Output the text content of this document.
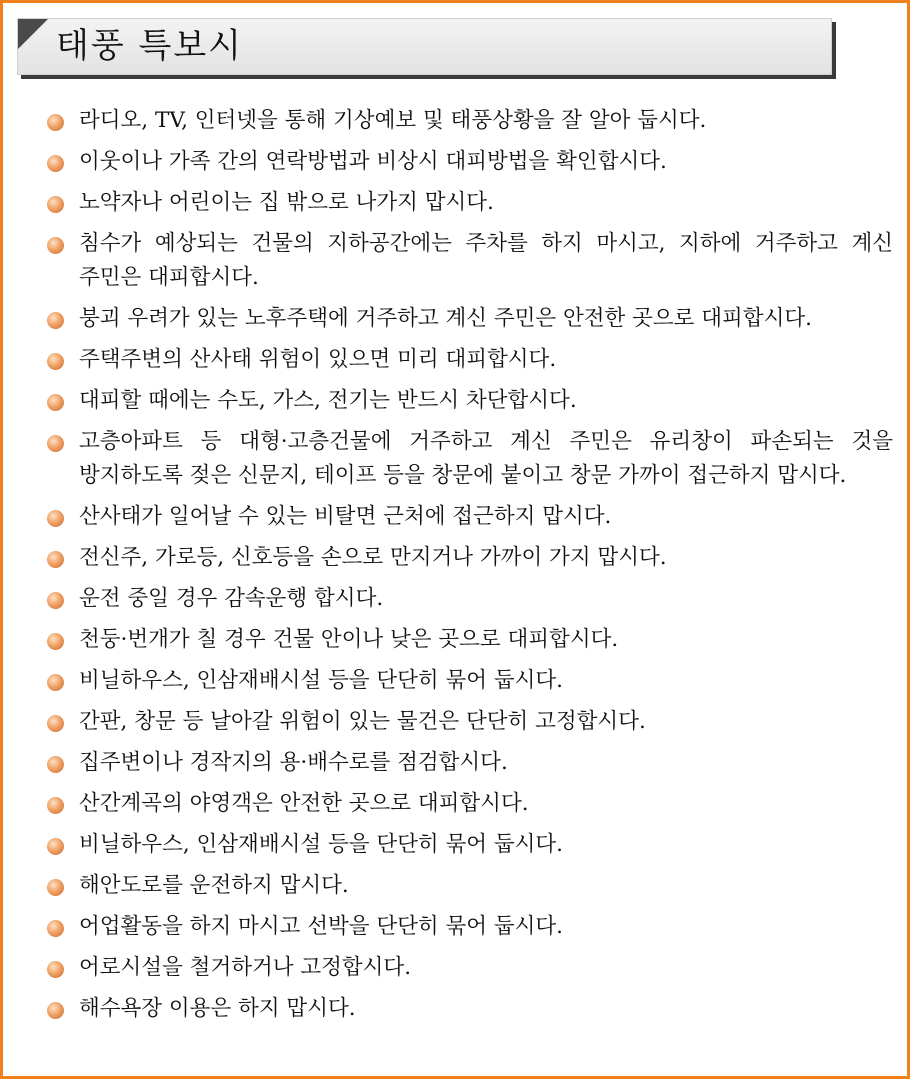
태풍 특보시
라디오, TV, 인터넷을 통해 기상예보 및 태풍상황을 잘 알아 둡시다.
이웃이나 가족 간의 연락방법과 비상시 대피방법을 확인합시다.
노약자나 어린이는 집 밖으로 나가지 맙시다.
침수가 예상되는 건물의 지하공간에는 주차를 하지 마시고, 지하에 거주하고 계신 주민은 대피합시다.
붕괴 우려가 있는 노후주택에 거주하고 계신 주민은 안전한 곳으로 대피합시다.
주택주변의 산사태 위험이 있으면 미리 대피합시다.
대피할 때에는 수도, 가스, 전기는 반드시 차단합시다.
고층아파트 등 대형·고층건물에 거주하고 계신 주민은 유리창이 파손되는 것을 방지하도록 젖은 신문지, 테이프 등을 창문에 붙이고 창문 가까이 접근하지 맙시다.
산사태가 일어날 수 있는 비탈면 근처에 접근하지 맙시다.
전신주, 가로등, 신호등을 손으로 만지거나 가까이 가지 맙시다.
운전 중일 경우 감속운행 합시다.
천둥·번개가 칠 경우 건물 안이나 낮은 곳으로 대피합시다.
비닐하우스, 인삼재배시설 등을 단단히 묶어 둡시다.
간판, 창문 등 날아갈 위험이 있는 물건은 단단히 고정합시다.
집주변이나 경작지의 용·배수로를 점검합시다.
산간계곡의 야영객은 안전한 곳으로 대피합시다.
비닐하우스, 인삼재배시설 등을 단단히 묶어 둡시다.
해안도로를 운전하지 맙시다.
어업활동을 하지 마시고 선박을 단단히 묶어 둡시다.
어로시설을 철거하거나 고정합시다.
해수욕장 이용은 하지 맙시다.
